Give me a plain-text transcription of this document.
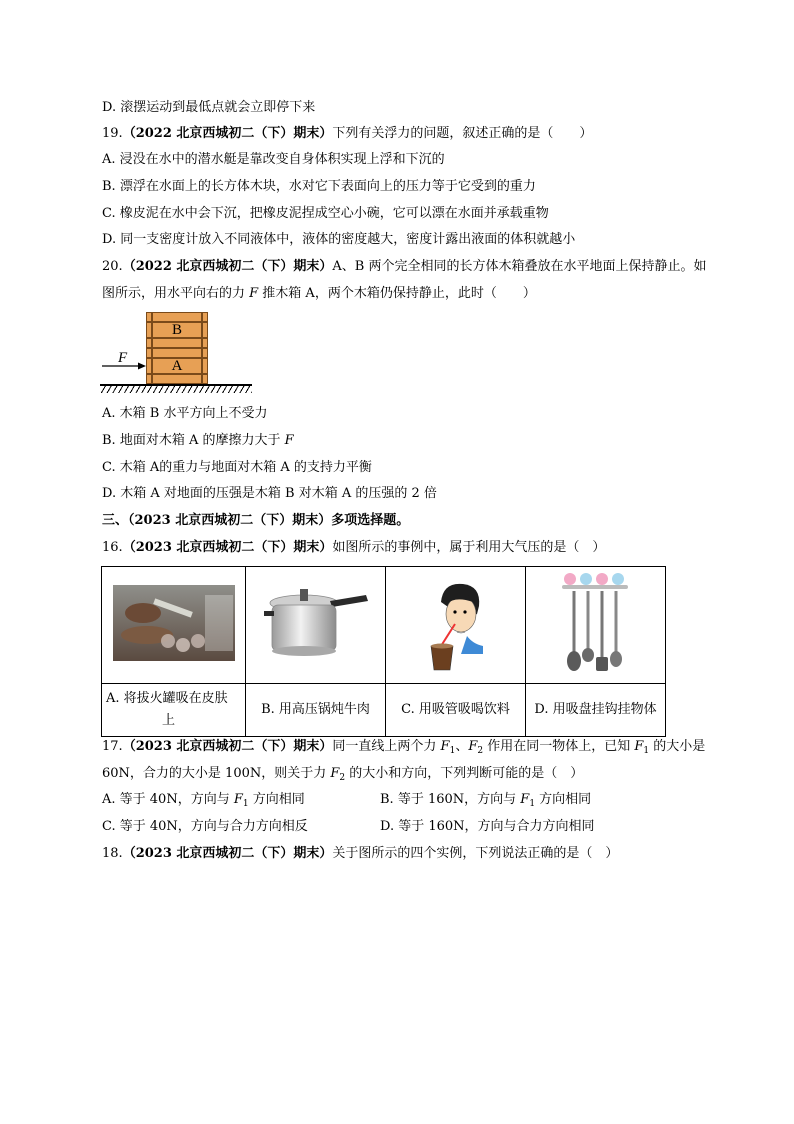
D. 滚摆运动到最低点就会立即停下来
19.（2022 北京西城初二（下）期末）下列有关浮力的问题，叙述正确的是（　　）
A. 浸没在水中的潜水艇是靠改变自身体积实现上浮和下沉的
B. 漂浮在水面上的长方体木块，水对它下表面向上的压力等于它受到的重力
C. 橡皮泥在水中会下沉，把橡皮泥捏成空心小碗，它可以漂在水面并承载重物
D. 同一支密度计放入不同液体中，液体的密度越大，密度计露出液面的体积就越小
20.（2022 北京西城初二（下）期末）A、B 两个完全相同的长方体木箱叠放在水平地面上保持静止。如
图所示，用水平向右的力 F 推木箱 A，两个木箱仍保持静止，此时（　　）
B
A
F
A. 木箱 B 水平方向上不受力
B. 地面对木箱 A 的摩擦力大于 F
C. 木箱 A的重力与地面对木箱 A 的支持力平衡
D. 木箱 A 对地面的压强是木箱 B 对木箱 A 的压强的 2 倍
三、（2023 北京西城初二（下）期末）多项选择题。
16.（2023 北京西城初二（下）期末）如图所示的事例中，属于利用大气压的是（　）

A. 将拔火罐吸在皮肤
上	B. 用高压锅炖牛肉	C. 用吸管吸喝饮料	D. 用吸盘挂钩挂物体
17.（2023 北京西城初二（下）期末）同一直线上两个力 $F_1$、$F_2$ 作用在同一物体上，已知 $F_1$ 的大小是
60N，合力的大小是 100N，则关于力 $F_2$ 的大小和方向，下列判断可能的是（　）
A. 等于 40N，方向与 $F_1$ 方向相同	B. 等于 160N，方向与 $F_1$ 方向相同
C. 等于 40N，方向与合力方向相反	D. 等于 160N，方向与合力方向相同
18.（2023 北京西城初二（下）期末）关于图所示的四个实例，下列说法正确的是（　）
